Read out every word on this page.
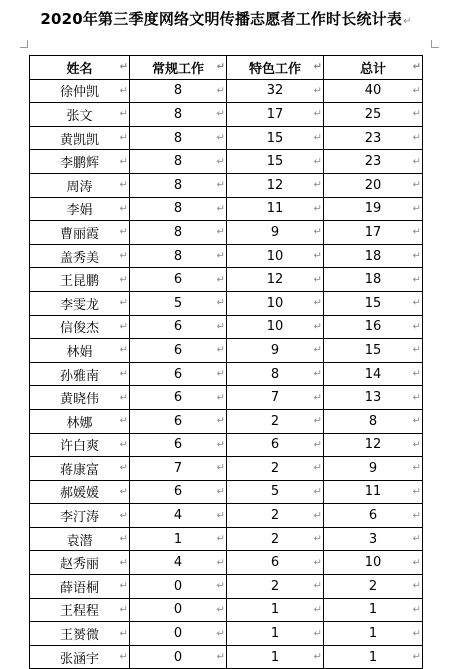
2020年第三季度网络文明传播志愿者工作时长统计表↵
姓名 ↵	常规工作 ↵	特色工作 ↵	总计 ↵

徐仲凯 ↵	8 ↵	32 ↵	40 ↵

张文 ↵	8 ↵	17 ↵	25 ↵

黄凯凯 ↵	8 ↵	15 ↵	23 ↵

李鹏辉 ↵	8 ↵	15 ↵	23 ↵

周涛 ↵	8 ↵	12 ↵	20 ↵

李娟 ↵	8 ↵	11 ↵	19 ↵

曹丽霞 ↵	8 ↵	9 ↵	17 ↵

盖秀美 ↵	8 ↵	10 ↵	18 ↵

王昆鹏 ↵	6 ↵	12 ↵	18 ↵

李雯龙 ↵	5 ↵	10 ↵	15 ↵

信俊杰 ↵	6 ↵	10 ↵	16 ↵

林娟 ↵	6 ↵	9 ↵	15 ↵

孙雅南 ↵	6 ↵	8 ↵	14 ↵

黄晓伟 ↵	6 ↵	7 ↵	13 ↵

林娜 ↵	6 ↵	2 ↵	8 ↵

许白爽 ↵	6 ↵	6 ↵	12 ↵

蒋康富 ↵	7 ↵	2 ↵	9 ↵

郝媛媛 ↵	6 ↵	5 ↵	11 ↵

李汀涛 ↵	4 ↵	2 ↵	6 ↵

袁潜 ↵	1 ↵	2 ↵	3 ↵

赵秀丽 ↵	4 ↵	6 ↵	10 ↵

薛语桐 ↵	0 ↵	2 ↵	2 ↵

王程程 ↵	0 ↵	1 ↵	1 ↵

王赟微 ↵	0 ↵	1 ↵	1 ↵

张涵宇 ↵	0 ↵	1 ↵	1 ↵
